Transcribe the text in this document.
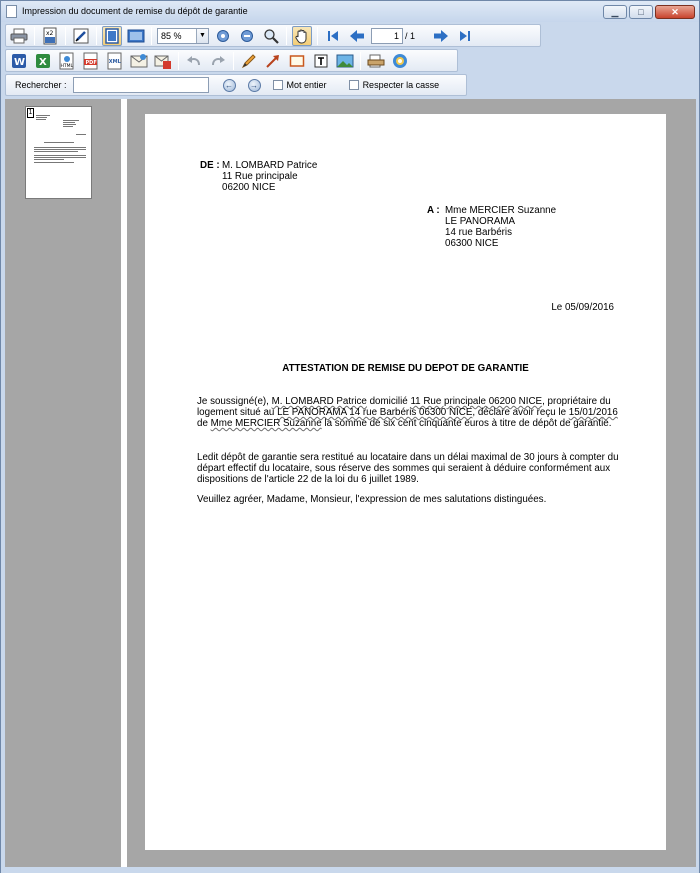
Impression du document de remise du dépôt de garantie	▁	□	✕
x2	85 %	▼
1	/ 1
W X	HTML
PDF XML
Rechercher :	← →	Mot entier	Respecter la casse
1
DE : M. LOMBARD Patrice
11 Rue principale
06200 NICE
A : Mme MERCIER Suzanne
LE PANORAMA
14 rue Barbéris
06300 NICE
Le 05/09/2016
ATTESTATION DE REMISE DU DEPOT DE GARANTIE
Je soussigné(e), M. LOMBARD Patrice domicilié 11 Rue principale 06200 NICE, propriétaire du
logement situé au LE PANORAMA 14 rue Barbéris 06300 NICE, déclare avoir reçu le 15/01/2016
de Mme MERCIER Suzanne la somme de six cent cinquante euros à titre de dépôt de garantie.
Ledit dépôt de garantie sera restitué au locataire dans un délai maximal de 30 jours à compter du
départ effectif du locataire, sous réserve des sommes qui seraient à déduire conformément aux
dispositions de l'article 22 de la loi du 6 juillet 1989.
Veuillez agréer, Madame, Monsieur, l'expression de mes salutations distinguées.
